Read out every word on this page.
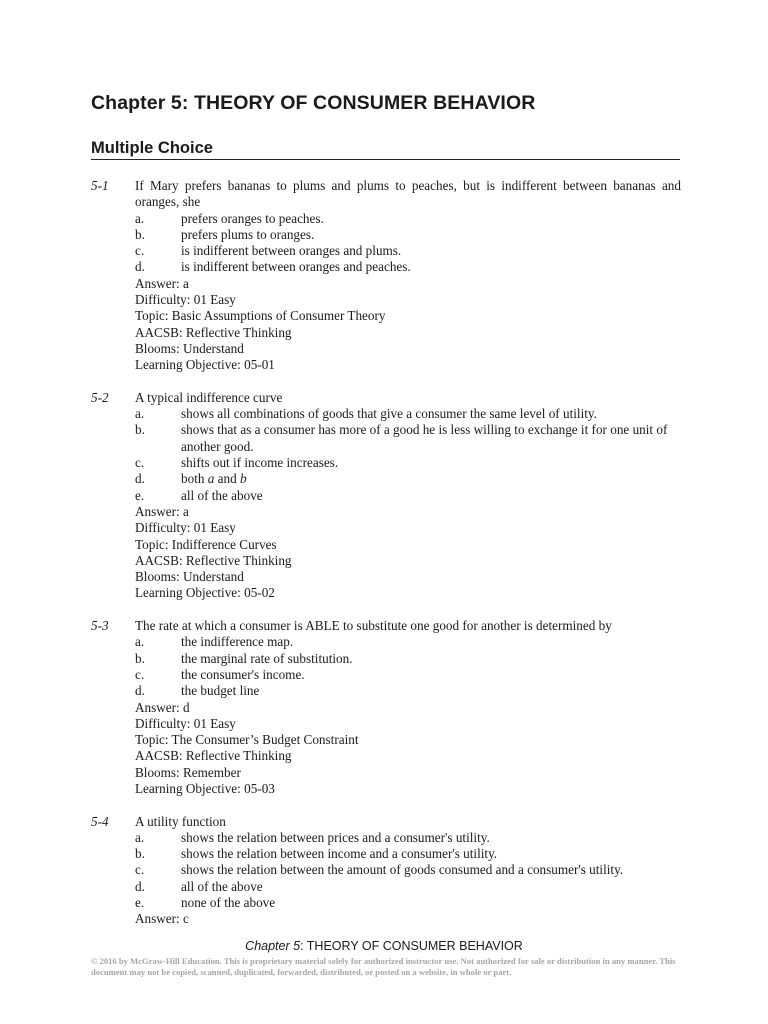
Chapter 5: THEORY OF CONSUMER BEHAVIOR
Multiple Choice
5-1 If Mary prefers bananas to plums and plums to peaches, but is indifferent between bananas and oranges, she
a.	prefers oranges to peaches.
b.	prefers plums to oranges.
c.	is indifferent between oranges and plums.
d.	is indifferent between oranges and peaches.
Answer: a
Difficulty: 01 Easy
Topic: Basic Assumptions of Consumer Theory
AACSB: Reflective Thinking
Blooms: Understand
Learning Objective: 05-01
5-2 A typical indifference curve
a.	shows all combinations of goods that give a consumer the same level of utility.
b.	shows that as a consumer has more of a good he is less willing to exchange it for one unit of another good.
c.	shifts out if income increases.
d.	both a and b
e.	all of the above
Answer: a
Difficulty: 01 Easy
Topic: Indifference Curves
AACSB: Reflective Thinking
Blooms: Understand
Learning Objective: 05-02
5-3 The rate at which a consumer is ABLE to substitute one good for another is determined by
a.	the indifference map.
b.	the marginal rate of substitution.
c.	the consumer's income.
d.	the budget line
Answer: d
Difficulty: 01 Easy
Topic: The Consumer’s Budget Constraint
AACSB: Reflective Thinking
Blooms: Remember
Learning Objective: 05-03
5-4 A utility function
a.	shows the relation between prices and a consumer's utility.
b.	shows the relation between income and a consumer's utility.
c.	shows the relation between the amount of goods consumed and a consumer's utility.
d.	all of the above
e.	none of the above
Answer: c
Chapter 5: THEORY OF CONSUMER BEHAVIOR
© 2016 by McGraw-Hill Education. This is proprietary material solely for authorized instructor use. Not authorized for sale or distribution in any manner. This document may not be copied, scanned, duplicated, forwarded, distributed, or posted on a website, in whole or part.
